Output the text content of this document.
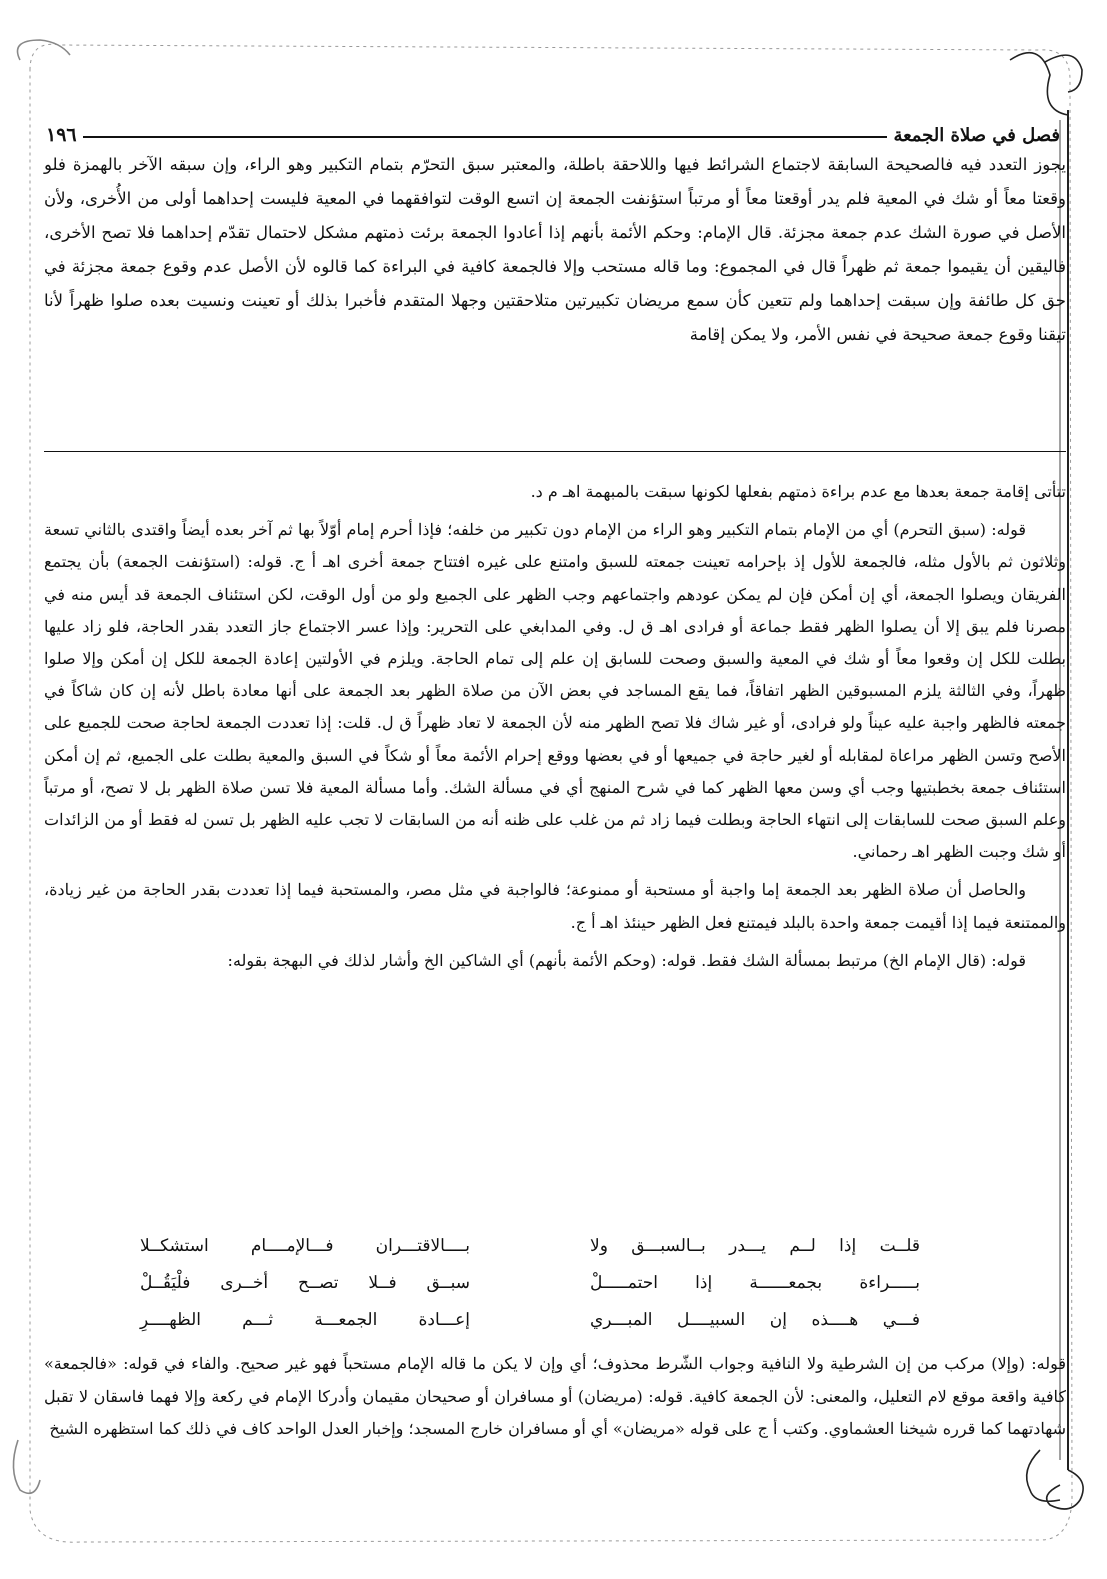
فصل في صلاة الجمعة
١٩٦

يجوز التعدد فيه فالصحيحة السابقة لاجتماع الشرائط فيها واللاحقة باطلة، والمعتبر سبق التحرّم بتمام التكبير وهو الراء، وإن سبقه الآخر بالهمزة فلو وقعتا معاً أو شك في المعية فلم يدر أوقعتا معاً أو مرتباً استؤنفت الجمعة إن اتسع الوقت لتوافقهما في المعية فليست إحداهما أولى من الأُخرى، ولأن الأصل في صورة الشك عدم جمعة مجزئة. قال الإمام: وحكم الأئمة بأنهم إذا أعادوا الجمعة برئت ذمتهم مشكل لاحتمال تقدّم إحداهما فلا تصح الأخرى، فاليقين أن يقيموا جمعة ثم ظهراً قال في المجموع: وما قاله مستحب وإلا فالجمعة كافية في البراءة كما قالوه لأن الأصل عدم وقوع جمعة مجزئة في حق كل طائفة وإن سبقت إحداهما ولم تتعين كأن سمع مريضان تكبيرتين متلاحقتين وجهلا المتقدم فأخبرا بذلك أو تعينت ونسيت بعده صلوا ظهراً لأنا تيقنا وقوع جمعة صحيحة في نفس الأمر، ولا يمكن إقامة

تتأتى إقامة جمعة بعدها مع عدم براءة ذمتهم بفعلها لكونها سبقت بالمبهمة اهـ م د.

قوله: (سبق التحرم) أي من الإمام بتمام التكبير وهو الراء من الإمام دون تكبير من خلفه؛ فإذا أحرم إمام أوّلاً بها ثم آخر بعده أيضاً واقتدى بالثاني تسعة وثلاثون ثم بالأول مثله، فالجمعة للأول إذ بإحرامه تعينت جمعته للسبق وامتنع على غيره افتتاح جمعة أخرى اهـ أ ج. قوله: (استؤنفت الجمعة) بأن يجتمع الفريقان ويصلوا الجمعة، أي إن أمكن فإن لم يمكن عودهم واجتماعهم وجب الظهر على الجميع ولو من أول الوقت، لكن استئناف الجمعة قد أيس منه في مصرنا فلم يبق إلا أن يصلوا الظهر فقط جماعة أو فرادى اهـ ق ل. وفي المدابغي على التحرير: وإذا عسر الاجتماع جاز التعدد بقدر الحاجة، فلو زاد عليها بطلت للكل إن وقعوا معاً أو شك في المعية والسبق وصحت للسابق إن علم إلى تمام الحاجة. ويلزم في الأولتين إعادة الجمعة للكل إن أمكن وإلا صلوا ظهراً، وفي الثالثة يلزم المسبوقين الظهر اتفاقاً، فما يقع المساجد في بعض الآن من صلاة الظهر بعد الجمعة على أنها معادة باطل لأنه إن كان شاكاً في جمعته فالظهر واجبة عليه عيناً ولو فرادى، أو غير شاك فلا تصح الظهر منه لأن الجمعة لا تعاد ظهراً ق ل. قلت: إذا تعددت الجمعة لحاجة صحت للجميع على الأصح وتسن الظهر مراعاة لمقابله أو لغير حاجة في جميعها أو في بعضها ووقع إحرام الأئمة معاً أو شكاً في السبق والمعية بطلت على الجميع، ثم إن أمكن استئناف جمعة بخطبتيها وجب أي وسن معها الظهر كما في شرح المنهج أي في مسألة الشك. وأما مسألة المعية فلا تسن صلاة الظهر بل لا تصح، أو مرتباً وعلم السبق صحت للسابقات إلى انتهاء الحاجة وبطلت فيما زاد ثم من غلب على ظنه أنه من السابقات لا تجب عليه الظهر بل تسن له فقط أو من الزائدات أو شك وجبت الظهر اهـ رحماني.

والحاصل أن صلاة الظهر بعد الجمعة إما واجبة أو مستحبة أو ممنوعة؛ فالواجبة في مثل مصر، والمستحبة فيما إذا تعددت بقدر الحاجة من غير زيادة، والممتنعة فيما إذا أقيمت جمعة واحدة بالبلد فيمتنع فعل الظهر حينئذ اهـ أ ج.

قوله: (قال الإمام الخ) مرتبط بمسألة الشك فقط. قوله: (وحكم الأئمة بأنهم) أي الشاكين الخ وأشار لذلك في البهجة بقوله:

قلــت إذا لــم يـــدر بــالسبـــق ولا
بــــالاقتـــران فـــالإمــــام استشكــلا
بـــــراءة بجمعــــــة إذا احتمـــــلْ
سبــق فــلا تصــح أخــرى فلْيَقُــلْ
فـــي هــــذه إن السبيــــل المبـــري
إعـــادة الجمعـــة ثـــم الظهــــرِ

قوله: (وإلا) مركب من إن الشرطية ولا النافية وجواب الشّرط محذوف؛ أي وإن لا يكن ما قاله الإمام مستحباً فهو غير صحيح. والفاء في قوله: «فالجمعة» كافية واقعة موقع لام التعليل، والمعنى: لأن الجمعة كافية. قوله: (مريضان) أو مسافران أو صحيحان مقيمان وأدركا الإمام في ركعة وإلا فهما فاسقان لا تقبل شهادتهما كما قرره شيخنا العشماوي. وكتب أ ج على قوله «مريضان» أي أو مسافران خارج المسجد؛ وإخبار العدل الواحد كاف في ذلك كما استظهره الشيخ
